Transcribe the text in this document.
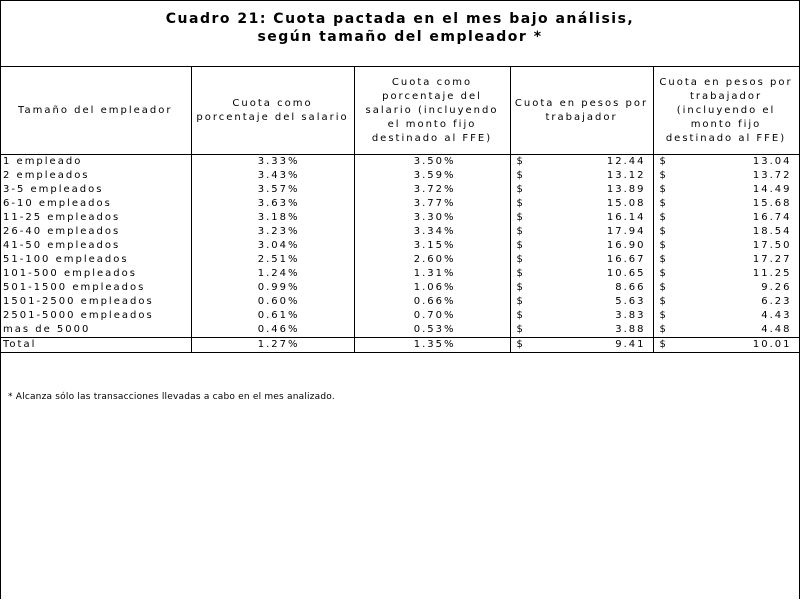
Cuadro 21: Cuota pactada en el mes bajo análisis,
según tamaño del empleador *
Tamaño del empleador	Cuota como porcentaje del salario	Cuota como porcentaje del salario (incluyendo el monto fijo destinado al FFE)	Cuota en pesos por trabajador	Cuota en pesos por trabajador (incluyendo el monto fijo destinado al FFE)
1 empleado	3.33%	3.50%	$ 12.44	$ 13.04

2 empleados	3.43%	3.59%	$ 13.12	$ 13.72

3-5 empleados	3.57%	3.72%	$ 13.89	$ 14.49

6-10 empleados	3.63%	3.77%	$ 15.08	$ 15.68

11-25 empleados	3.18%	3.30%	$ 16.14	$ 16.74

26-40 empleados	3.23%	3.34%	$ 17.94	$ 18.54

41-50 empleados	3.04%	3.15%	$ 16.90	$ 17.50

51-100 empleados	2.51%	2.60%	$ 16.67	$ 17.27

101-500 empleados	1.24%	1.31%	$ 10.65	$ 11.25

501-1500 empleados	0.99%	1.06%	$ 8.66	$ 9.26

1501-2500 empleados	0.60%	0.66%	$ 5.63	$ 6.23

2501-5000 empleados	0.61%	0.70%	$ 3.83	$ 4.43

mas de 5000	0.46%	0.53%	$ 3.88	$ 4.48

Total	1.27%	1.35%	$ 9.41	$ 10.01
* Alcanza sólo las transacciones llevadas a cabo en el mes analizado.
